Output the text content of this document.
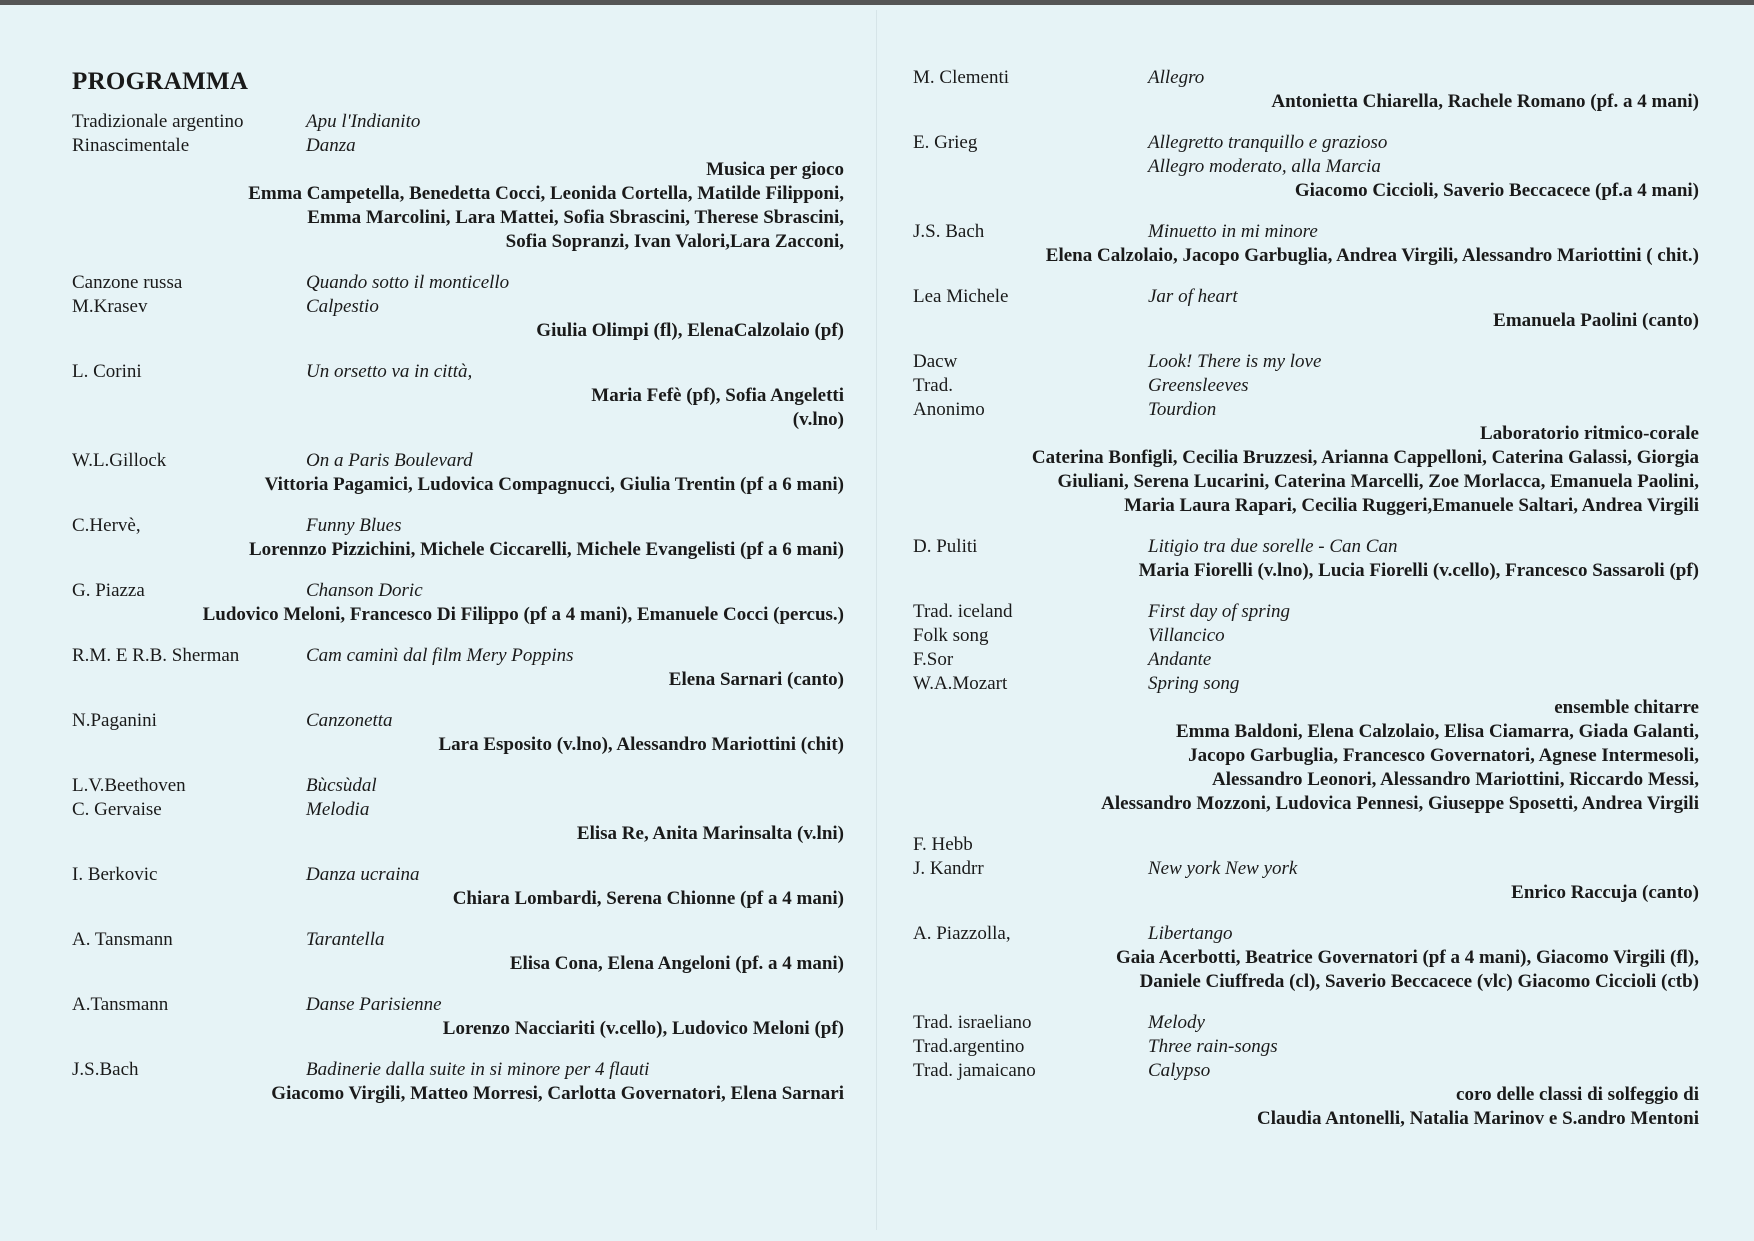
PROGRAMMA
Tradizionale argentino	Apu l'Indianito
Rinascimentale	Danza
Musica per gioco
Emma Campetella, Benedetta Cocci, Leonida Cortella, Matilde Filipponi,
Emma Marcolini, Lara Mattei, Sofia Sbrascini, Therese Sbrascini,
Sofia Sopranzi, Ivan Valori,Lara Zacconi,
Canzone russa	Quando sotto il monticello
M.Krasev	Calpestio
Giulia Olimpi (fl), ElenaCalzolaio (pf)
L. Corini	Un orsetto va in città,
Maria Fefè (pf), Sofia Angeletti
(v.lno)
W.L.Gillock	On a Paris Boulevard
Vittoria Pagamici, Ludovica Compagnucci, Giulia Trentin (pf a 6 mani)
C.Hervè,	Funny Blues
Lorennzo Pizzichini, Michele Ciccarelli, Michele Evangelisti (pf a 6 mani)
G. Piazza	Chanson Doric
Ludovico Meloni, Francesco Di Filippo (pf a 4 mani), Emanuele Cocci (percus.)
R.M. E R.B. Sherman	Cam caminì dal film Mery Poppins
Elena Sarnari (canto)
N.Paganini	Canzonetta
Lara Esposito (v.lno), Alessandro Mariottini (chit)
L.V.Beethoven	Bùcsùdal
C. Gervaise	Melodia
Elisa Re, Anita Marinsalta (v.lni)
I. Berkovic	Danza ucraina
Chiara Lombardi, Serena Chionne (pf a 4 mani)
A. Tansmann	Tarantella
Elisa Cona, Elena Angeloni (pf. a 4 mani)
A.Tansmann	Danse Parisienne
Lorenzo Nacciariti (v.cello), Ludovico Meloni (pf)
J.S.Bach	Badinerie dalla suite in si minore per 4 flauti
Giacomo Virgili, Matteo Morresi, Carlotta Governatori, Elena Sarnari
M. Clementi	Allegro
Antonietta Chiarella, Rachele Romano (pf. a 4 mani)
E. Grieg	Allegretto tranquillo e grazioso
Allegro moderato, alla Marcia
Giacomo Ciccioli, Saverio Beccacece (pf.a 4 mani)
J.S. Bach	Minuetto in mi minore
Elena Calzolaio, Jacopo Garbuglia, Andrea Virgili, Alessandro Mariottini ( chit.)
Lea Michele	Jar of heart
Emanuela Paolini (canto)
Dacw	Look! There is my love
Trad.	Greensleeves
Anonimo	Tourdion
Laboratorio ritmico-corale
Caterina Bonfigli, Cecilia Bruzzesi, Arianna Cappelloni, Caterina Galassi, Giorgia
Giuliani, Serena Lucarini, Caterina Marcelli, Zoe Morlacca, Emanuela Paolini,
Maria Laura Rapari, Cecilia Ruggeri,Emanuele Saltari, Andrea Virgili
D. Puliti	Litigio tra due sorelle - Can Can
Maria Fiorelli (v.lno), Lucia Fiorelli (v.cello), Francesco Sassaroli (pf)
Trad. iceland	First day of spring
Folk song	Villancico
F.Sor	Andante
W.A.Mozart	Spring song
ensemble chitarre
Emma Baldoni, Elena Calzolaio, Elisa Ciamarra, Giada Galanti,
Jacopo Garbuglia, Francesco Governatori, Agnese Intermesoli,
Alessandro Leonori, Alessandro Mariottini, Riccardo Messi,
Alessandro Mozzoni, Ludovica Pennesi, Giuseppe Sposetti, Andrea Virgili
F. Hebb
J. Kandrr	New york New york
Enrico Raccuja (canto)
A. Piazzolla,	Libertango
Gaia Acerbotti, Beatrice Governatori (pf a 4 mani), Giacomo Virgili (fl),
Daniele Ciuffreda (cl), Saverio Beccacece (vlc) Giacomo Ciccioli (ctb)
Trad. israeliano	Melody
Trad.argentino	Three rain-songs
Trad. jamaicano	Calypso
coro delle classi di solfeggio di
Claudia Antonelli, Natalia Marinov e S.andro Mentoni
